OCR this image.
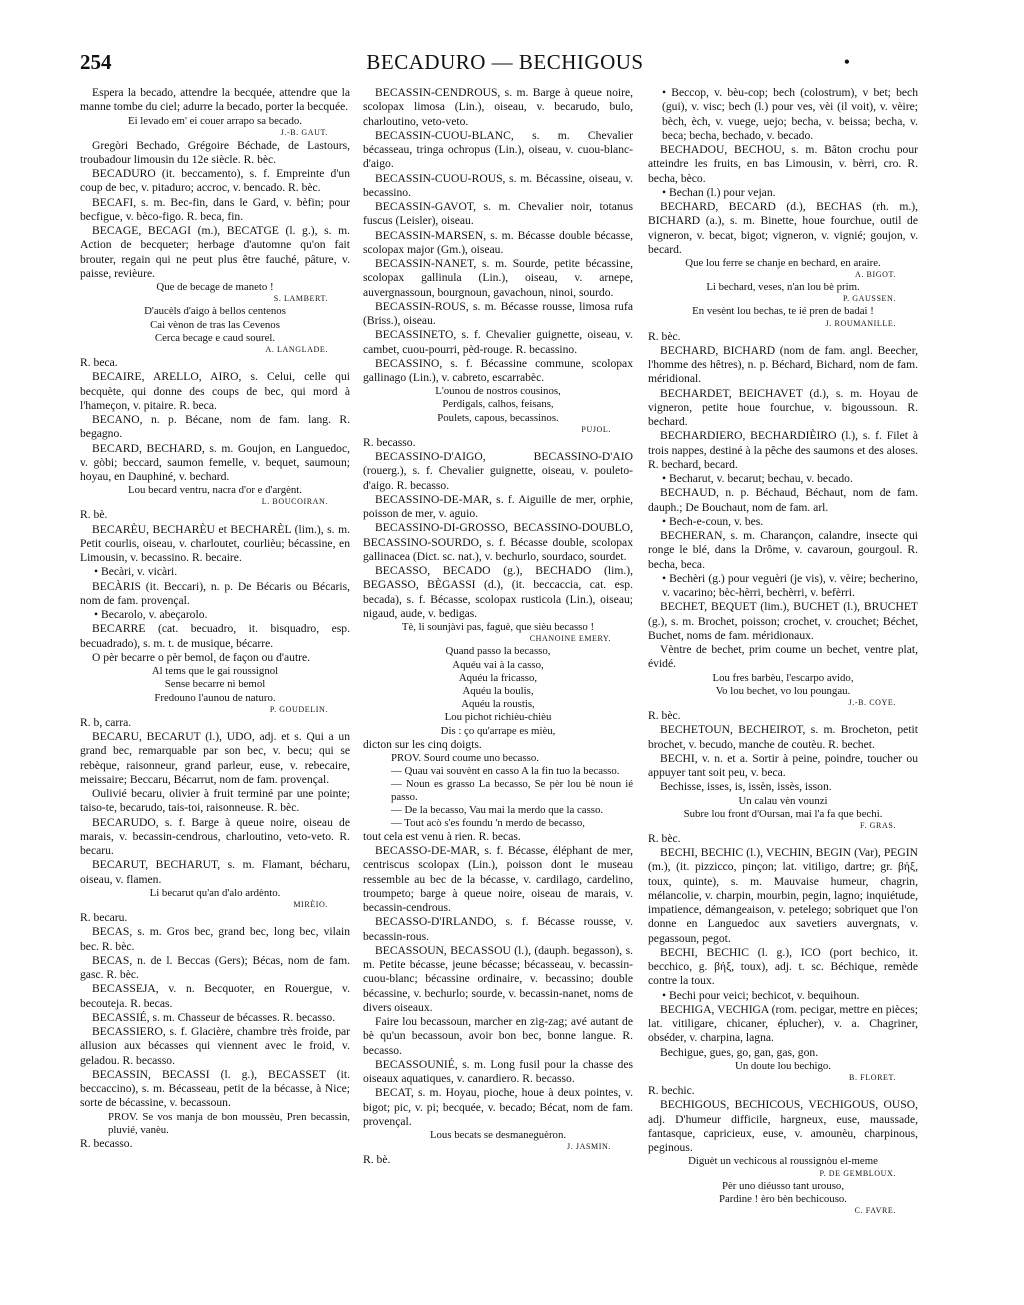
254	BECADURO — BECHIGOUS	•

Espera la becado, attendre la becquée, attendre que la manne tombe du ciel; adurre la becado, porter la becquée.

Ei levado em' ei couer arrapo sa becado.

J.-B. GAUT.

Gregòri Bechado, Grégoire Béchade, de Lastours, troubadour limousin du 12e siècle. R. bèc.

BECADURO (it. beccamento), s. f. Empreinte d'un coup de bec, v. pitaduro; accroc, v. bencado. R. bèc.

BECAFI, s. m. Bec-fin, dans le Gard, v. bèfin; pour becfigue, v. bèco-figo. R. beca, fin.

BECAGE, BECAGI (m.), BECATGE (l. g.), s. m. Action de becqueter; herbage d'automne qu'on fait brouter, regain qui ne peut plus être fauché, pâture, v. paisse, revièure.

Que de becage de maneto !

S. LAMBERT.

D'aucèls d'aigo à bellos centenos

Cai vènon de tras las Cevenos

Cerca becage e caud sourel.

A. LANGLADE.

R. beca.

BECAIRE, ARELLO, AIRO, s. Celui, celle qui becquète, qui donne des coups de bec, qui mord à l'hameçon, v. pitaire. R. beca.

BECANO, n. p. Bécane, nom de fam. lang. R. begagno.

BECARD, BECHARD, s. m. Goujon, en Languedoc, v. gòbi; beccard, saumon femelle, v. bequet, saumoun; hoyau, en Dauphiné, v. bechard.

Lou becard ventru, nacra d'or e d'argènt.

L. BOUCOIRAN.

R. bè.

BECARÈU, BECHARÈU et BECHARÈL (lim.), s. m. Petit courlis, oiseau, v. charloutet, courlièu; bécassine, en Limousin, v. becassino. R. becaire.

• Becàri, v. vicàri.

BECÀRIS (it. Beccari), n. p. De Bécaris ou Bécaris, nom de fam. provençal.

• Becarolo, v. abeçarolo.

BECARRE (cat. becuadro, it. bisquadro, esp. becuadrado), s. m. t. de musique, bécarre.

O pèr becarre o pèr bemol, de façon ou d'autre.

Al tems que le gai roussignol

Sense becarre ni bemol

Fredouno l'aunou de naturo.

P. GOUDELIN.

R. b, carra.

BECARU, BECARUT (l.), UDO, adj. et s. Qui a un grand bec, remarquable par son bec, v. becu; qui se rebèque, raisonneur, grand parleur, euse, v. rebecaire, meissaire; Beccaru, Bécarrut, nom de fam. provençal.

Oulivié becaru, olivier à fruit terminé par une pointe; taiso-te, becarudo, tais-toi, raisonneuse. R. bèc.

BECARUDO, s. f. Barge à queue noire, oiseau de marais, v. becassin-cendrous, charloutino, veto-veto. R. becaru.

BECARUT, BECHARUT, s. m. Flamant, bécharu, oiseau, v. flamen.

Li becarut qu'an d'alo ardènto.

MIRÈIO.

R. becaru.

BECAS, s. m. Gros bec, grand bec, long bec, vilain bec. R. bèc.

BECAS, n. de l. Beccas (Gers); Bécas, nom de fam. gasc. R. bèc.

BECASSEJA, v. n. Becquoter, en Rouergue, v. becouteja. R. becas.

BECASSIÉ, s. m. Chasseur de bécasses. R. becasso.

BECASSIERO, s. f. Glacière, chambre très froide, par allusion aux bécasses qui viennent avec le froid, v. geladou. R. becasso.

BECASSIN, BECASSI (l. g.), BECASSET (it. beccaccino), s. m. Bécasseau, petit de la bécasse, à Nice; sorte de bécassine, v. becassoun.

PROV. Se vos manja de bon moussèu, Pren becassin, pluvié, vanèu.

R. becasso.

BECASSIN-CENDROUS, s. m. Barge à queue noire, scolopax limosa (Lin.), oiseau, v. becarudo, bulo, charloutino, veto-veto.

BECASSIN-CUOU-BLANC, s. m. Chevalier bécasseau, tringa ochropus (Lin.), oiseau, v. cuou-blanc-d'aigo.

BECASSIN-CUOU-ROUS, s. m. Bécassine, oiseau, v. becassino.

BECASSIN-GAVOT, s. m. Chevalier noir, totanus fuscus (Leisler), oiseau.

BECASSIN-MARSEN, s. m. Bécasse double bécasse, scolopax major (Gm.), oiseau.

BECASSIN-NANET, s. m. Sourde, petite bécassine, scolopax gallinula (Lin.), oiseau, v. arnepe, auvergnassoun, bourgnoun, gavachoun, ninoi, sourdo.

BECASSIN-ROUS, s. m. Bécasse rousse, limosa rufa (Briss.), oiseau.

BECASSINETO, s. f. Chevalier guignette, oiseau, v. cambet, cuou-pourri, pèd-rouge. R. becassino.

BECASSINO, s. f. Bécassine commune, scolopax gallinago (Lin.), v. cabreto, escarrabèc.

L'ounou de nostros cousinos,

Perdigals, calhos, feisans,

Poulets, capous, becassinos.

PUJOL.

R. becasso.

BECASSINO-D'AIGO, BECASSINO-D'AIO (rouerg.), s. f. Chevalier guignette, oiseau, v. pouleto-d'aigo. R. becasso.

BECASSINO-DE-MAR, s. f. Aiguille de mer, orphie, poisson de mer, v. aguio.

BECASSINO-DI-GROSSO, BECASSINO-DOUBLO, BECASSINO-SOURDO, s. f. Bécasse double, scolopax gallinacea (Dict. sc. nat.), v. bechurlo, sourdaco, sourdet.

BECASSO, BECADO (g.), BECHADO (lim.), BEGASSO, BÈGASSI (d.), (it. beccaccia, cat. esp. becada), s. f. Bécasse, scolopax rusticola (Lin.), oiseau; nigaud, aude, v. bedigas.

Tè, li sounjàvi pas, faguè, que sièu becasso !

CHANOINE EMERY.

Quand passo la becasso,

Aquéu vai à la casso,

Aquéu la fricasso,

Aquéu la boulis,

Aquéu la roustis,

Lou pichot richièu-chièu

Dis : ço qu'arrape es mièu,

dicton sur les cinq doigts.

PROV. Sourd coume uno becasso.

— Quau vai souvènt en casso A la fin tuo la becasso.

— Noun es grasso La becasso, Se pèr lou bè noun ié passo.

— De la becasso, Vau mai la merdo que la casso.

— Tout acò s'es foundu 'n merdo de becasso,

tout cela est venu à rien. R. becas.

BECASSO-DE-MAR, s. f. Bécasse, éléphant de mer, centriscus scolopax (Lin.), poisson dont le museau ressemble au bec de la bécasse, v. cardilago, cardelino, troumpeto; barge à queue noire, oiseau de marais, v. becassin-cendrous.

BECASSO-D'IRLANDO, s. f. Bécasse rousse, v. becassin-rous.

BECASSOUN, BECASSOU (l.), (dauph. begasson), s. m. Petite bécasse, jeune bécasse; bécasseau, v. becassin-cuou-blanc; bécassine ordinaire, v. becassino; double bécassine, v. bechurlo; sourde, v. becassin-nanet, noms de divers oiseaux.

Faire lou becassoun, marcher en zig-zag; avé autant de bè qu'un becassoun, avoir bon bec, bonne langue. R. becasso.

BECASSOUNIÉ, s. m. Long fusil pour la chasse des oiseaux aquatiques, v. canardiero. R. becasso.

BECAT, s. m. Hoyau, pioche, houe à deux pointes, v. bigot; pic, v. pi; becquée, v. becado; Bécat, nom de fam. provençal.

Lous becats se desmaneguèron.

J. JASMIN.

R. bè.

• Beccop, v. bèu-cop; bech (colostrum), v bet; bech (gui), v. visc; bech (l.) pour ves, vèi (il voit), v. vèire; bèch, èch, v. vuege, uejo; becha, v. beissa; becha, v. beca; becha, bechado, v. becado.

BECHADOU, BECHOU, s. m. Bâton crochu pour atteindre les fruits, en bas Limousin, v. bèrri, cro. R. becha, bèco.

• Bechan (l.) pour vejan.

BECHARD, BECARD (d.), BECHAS (rh. m.), BICHARD (a.), s. m. Binette, houe fourchue, outil de vigneron, v. becat, bigot; vigneron, v. vignié; goujon, v. becard.

Que lou ferre se chanje en bechard, en araire.

A. BIGOT.

Li bechard, veses, n'an lou bè prim.

P. GAUSSEN.

En vesènt lou bechas, te ié pren de badai !

J. ROUMANILLE.

R. bèc.

BECHARD, BICHARD (nom de fam. angl. Beecher, l'homme des hêtres), n. p. Béchard, Bichard, nom de fam. méridional.

BECHARDET, BEICHAVET (d.), s. m. Hoyau de vigneron, petite houe fourchue, v. bigoussoun. R. bechard.

BECHARDIERO, BECHARDIÈIRO (l.), s. f. Filet à trois nappes, destiné à la pêche des saumons et des aloses. R. bechard, becard.

• Becharut, v. becarut; bechau, v. becado.

BECHAUD, n. p. Béchaud, Béchaut, nom de fam. dauph.; De Bouchaut, nom de fam. arl.

• Bech-e-coun, v. bes.

BECHERAN, s. m. Charançon, calandre, insecte qui ronge le blé, dans la Drôme, v. cavaroun, gourgoul. R. becha, beca.

• Bechèri (g.) pour veguèri (je vis), v. vèire; becherino, v. vacarino; bèc-hèrri, bechèrri, v. befèrri.

BECHET, BEQUET (lim.), BUCHET (l.), BRUCHET (g.), s. m. Brochet, poisson; crochet, v. crouchet; Béchet, Buchet, noms de fam. méridionaux.

Vèntre de bechet, prim coume un bechet, ventre plat, évidé.

Lou fres barbèu, l'escarpo avido,

Vo lou bechet, vo lou poungau.

J.-B. COYE.

R. bèc.

BECHETOUN, BECHEIROT, s. m. Brocheton, petit brochet, v. becudo, manche de coutèu. R. bechet.

BECHI, v. n. et a. Sortir à peine, poindre, toucher ou appuyer tant soit peu, v. beca.

Bechisse, isses, is, issèn, issès, isson.

Un calau vèn vounzi

Subre lou front d'Oursan, mai l'a fa que bechi.

F. GRAS.

R. bèc.

BECHI, BECHIC (l.), VECHIN, BEGIN (Var), PEGIN (m.), (it. pizzicco, pinçon; lat. vitiligo, dartre; gr. βήξ, toux, quinte), s. m. Mauvaise humeur, chagrin, mélancolie, v. charpin, mourbin, pegin, lagno; inquiétude, impatience, démangeaison, v. petelego; sobriquet que l'on donne en Languedoc aux savetiers auvergnats, v. pegassoun, pegot.

BECHI, BECHIC (l. g.), ICO (port bechico, it. becchico, g. βήξ, toux), adj. t. sc. Béchique, remède contre la toux.

• Bechi pour veici; bechicot, v. bequihoun.

BECHIGA, VECHIGA (rom. pecigar, mettre en pièces; lat. vitiligare, chicaner, éplucher), v. a. Chagriner, obséder, v. charpina, lagna.

Bechigue, gues, go, gan, gas, gon.

Un doute lou bechigo.

B. FLORET.

R. bechic.

BECHIGOUS, BECHICOUS, VECHIGOUS, OUSO, adj. D'humeur difficile, hargneux, euse, maussade, fantasque, capricieux, euse, v. amounèu, charpinous, peginous.

Diguèt un vechicous al roussignòu el-meme

P. DE GEMBLOUX.

Pèr uno diéusso tant urouso,

Pardine ! èro bèn bechicouso.

C. FAVRE.
